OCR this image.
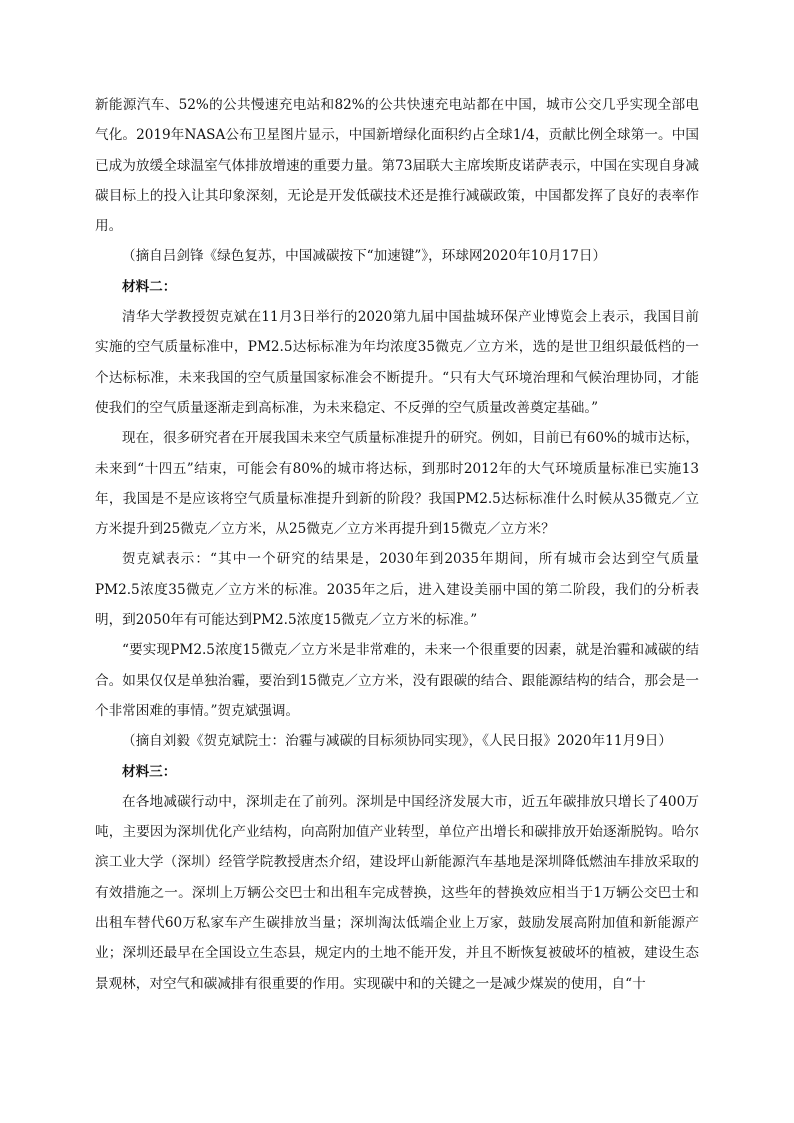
新能源汽车、52%的公共慢速充电站和82%的公共快速充电站都在中国，城市公交几乎实现全部电气化。2019年NASA公布卫星图片显示，中国新增绿化面积约占全球1/4，贡献比例全球第一。中国已成为放缓全球温室气体排放增速的重要力量。第73届联大主席埃斯皮诺萨表示，中国在实现自身减碳目标上的投入让其印象深刻，无论是开发低碳技术还是推行减碳政策，中国都发挥了良好的表率作用。

（摘自吕剑锋《绿色复苏，中国减碳按下“加速键”》，环球网2020年10月17日）

材料二：

清华大学教授贺克斌在11月3日举行的2020第九届中国盐城环保产业博览会上表示，我国目前实施的空气质量标准中，PM2.5达标标准为年均浓度35微克／立方米，选的是世卫组织最低档的一个达标标准，未来我国的空气质量国家标准会不断提升。“只有大气环境治理和气候治理协同，才能使我们的空气质量逐渐走到高标准，为未来稳定、不反弹的空气质量改善奠定基础。”

现在，很多研究者在开展我国未来空气质量标准提升的研究。例如，目前已有60%的城市达标，未来到“十四五”结束，可能会有80%的城市将达标，到那时2012年的大气环境质量标准已实施13年，我国是不是应该将空气质量标准提升到新的阶段？我国PM2.5达标标准什么时候从35微克／立方米提升到25微克／立方米，从25微克／立方米再提升到15微克／立方米？

贺克斌表示：“其中一个研究的结果是，2030年到2035年期间，所有城市会达到空气质量PM2.5浓度35微克／立方米的标准。2035年之后，进入建设美丽中国的第二阶段，我们的分析表明，到2050年有可能达到PM2.5浓度15微克／立方米的标准。”

“要实现PM2.5浓度15微克／立方米是非常难的，未来一个很重要的因素，就是治霾和减碳的结合。如果仅仅是单独治霾，要治到15微克／立方米，没有跟碳的结合、跟能源结构的结合，那会是一个非常困难的事情。”贺克斌强调。

（摘自刘毅《贺克斌院士：治霾与减碳的目标须协同实现》，《人民日报》2020年11月9日）

材料三：

在各地减碳行动中，深圳走在了前列。深圳是中国经济发展大市，近五年碳排放只增长了400万吨，主要因为深圳优化产业结构，向高附加值产业转型，单位产出增长和碳排放开始逐渐脱钩。哈尔滨工业大学（深圳）经管学院教授唐杰介绍，建设坪山新能源汽车基地是深圳降低燃油车排放采取的有效措施之一。深圳上万辆公交巴士和出租车完成替换，这些年的替换效应相当于1万辆公交巴士和出租车替代60万私家车产生碳排放当量；深圳淘汰低端企业上万家，鼓励发展高附加值和新能源产业；深圳还最早在全国设立生态县，规定内的土地不能开发，并且不断恢复被破坏的植被，建设生态景观林，对空气和碳减排有很重要的作用。实现碳中和的关键之一是减少煤炭的使用，自“十
